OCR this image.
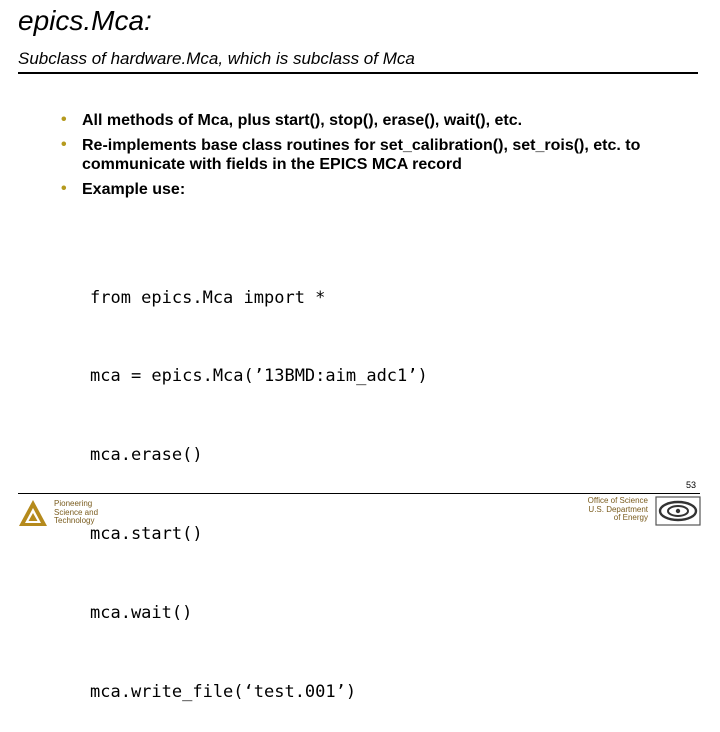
epics.Mca:
Subclass of hardware.Mca, which is subclass of Mca
• All methods of Mca, plus start(), stop(), erase(), wait(), etc.
• Re-implements base class routines for set_calibration(), set_rois(), etc. to communicate with fields in the EPICS MCA record
• Example use:

from epics.Mca import *

mca = epics.Mca(’13BMD:aim_adc1’)

mca.erase()

mca.start()

mca.wait()

mca.write_file(‘test.001’)

53
Pioneering
Science and
Technology
Office of Science
U.S. Department
of Energy
